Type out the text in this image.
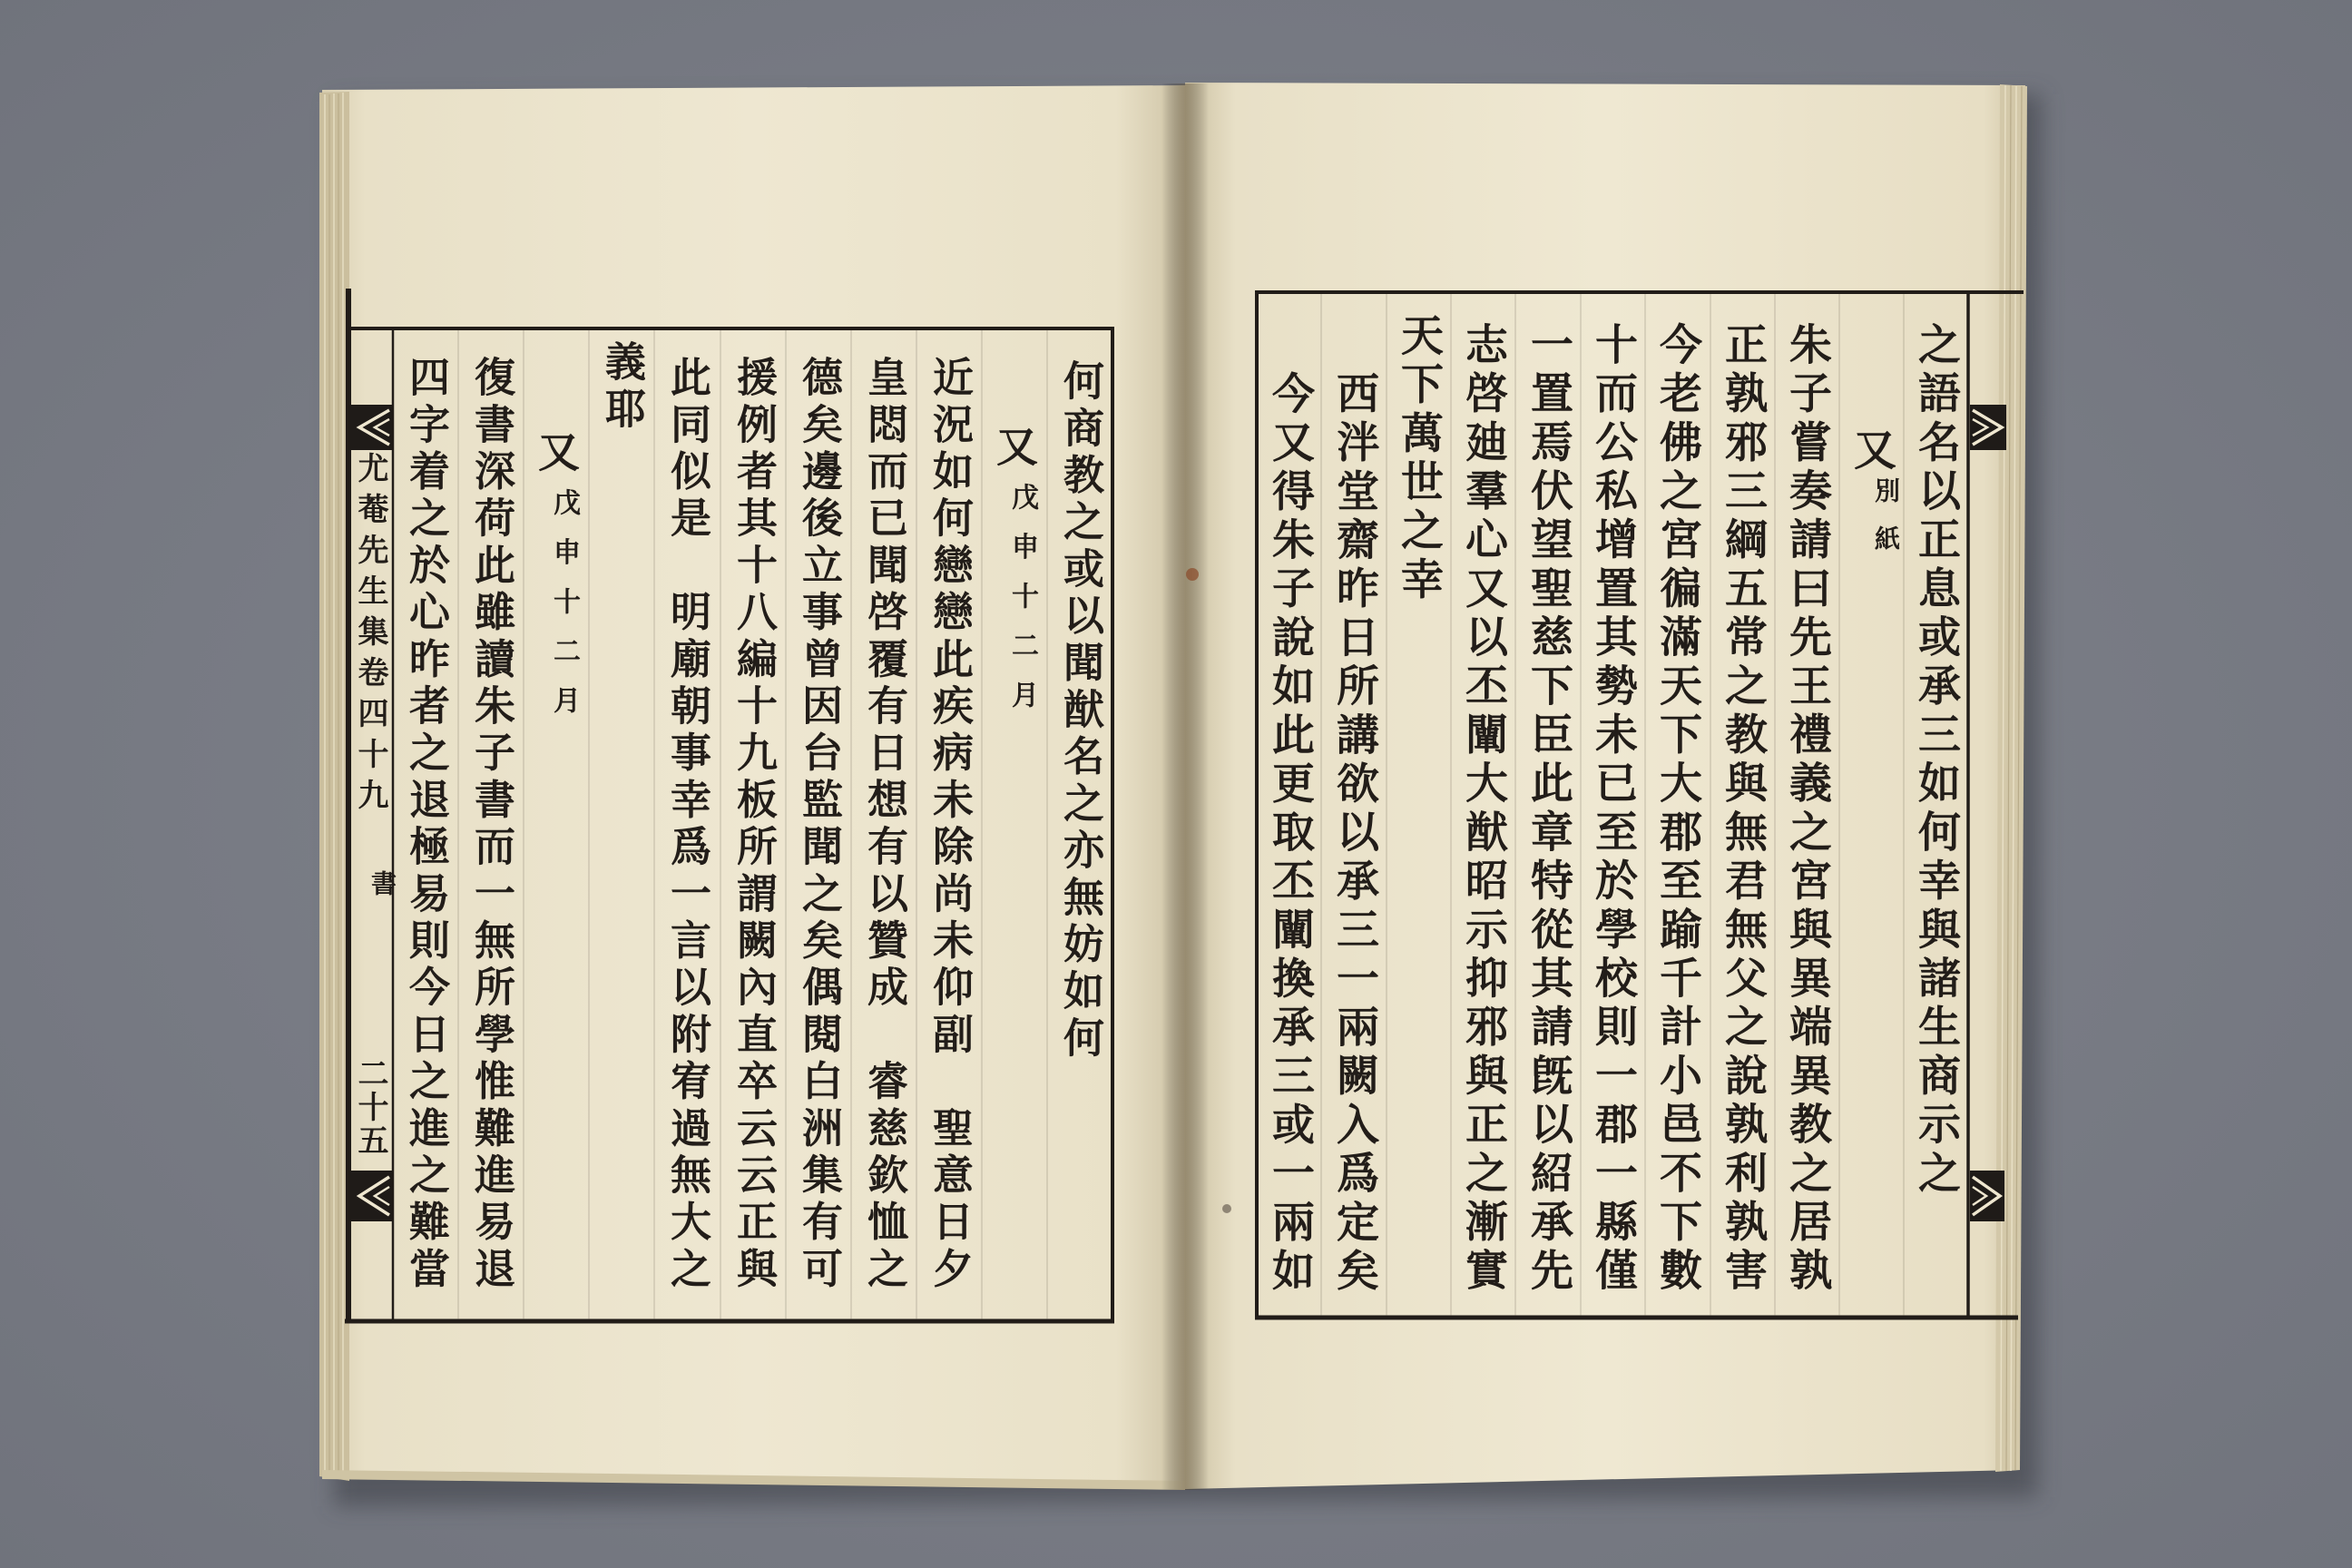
之語名以正息或承三如何幸與諸生商示之
又別紙
朱子嘗奏請曰先王禮義之宮與異端異教之居孰
正孰邪三綱五常之教與無君無父之說孰利孰害
今老佛之宮徧滿天下大郡至踰千計小邑不下數
十而公私增置其勢未已至於學校則一郡一縣僅
一置焉伏望聖慈下臣此章特從其請旣以紹承先
志啓廸羣心又以丕闡大猷昭示抑邪與正之漸實
天下萬世之幸
西泮堂齋昨日所講欲以承三一兩闕入爲定矣
今又得朱子說如此更取丕闡換承三或一兩如
何商教之或以聞猷名之亦無妨如何
又戊申十二月
近況如何戀戀此疾病未除尚未仰副　聖意日夕
皇悶而已聞啓覆有日想有以贊成　睿慈欽恤之
德矣邊後立事曾因台監聞之矣偶閱白洲集有可
援例者其十八編十九板所謂闕內直卒云云正與
此同似是　明廟朝事幸爲一言以附宥過無大之
義耶
又戊申十二月
復書深荷此雖讀朱子書而一無所學惟難進易退
四字着之於心昨者之退極易則今日之進之難當
尤菴先生集卷四十九
書
二十五
